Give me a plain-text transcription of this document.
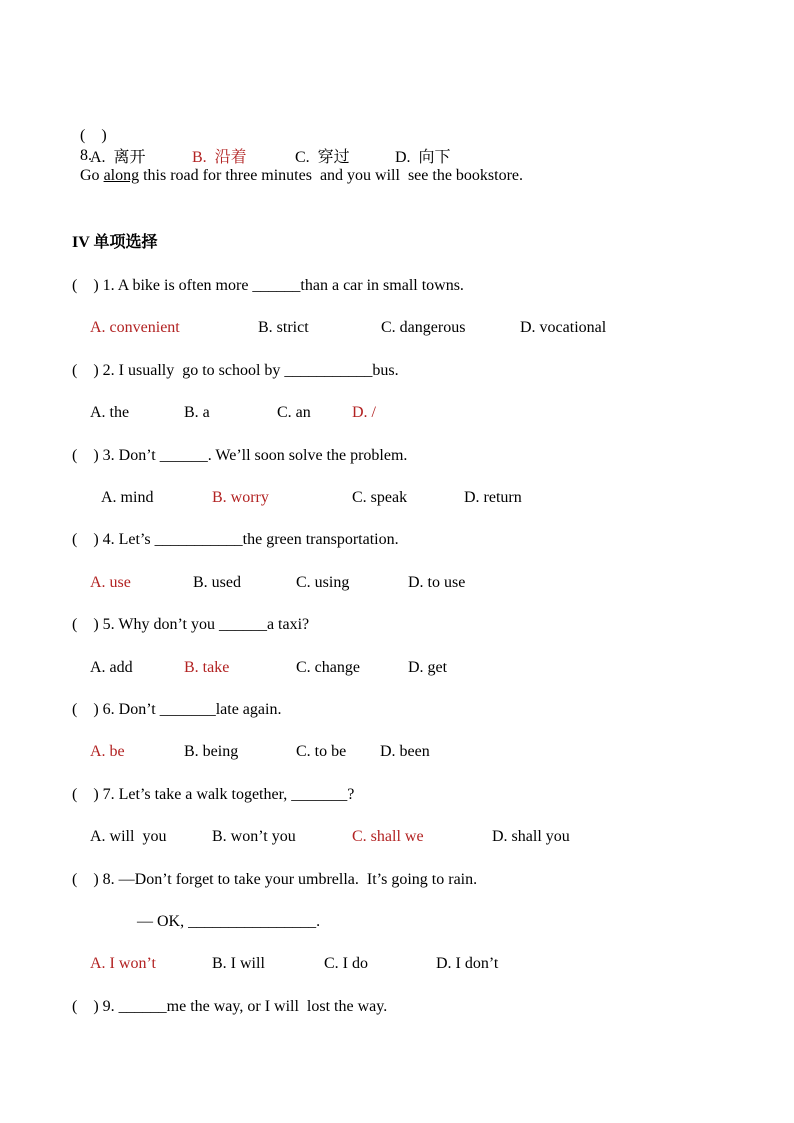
(    )
8.
Go along this road for three minutes  and you will  see the bookstore.

A.  离开	B.  沿着	C.  穿过	D.  向下
IV 单项选择
(    ) 1. A bike is often more ______than a car in small towns.
A. convenient	B. strict	C. dangerous	D. vocational
(    ) 2. I usually  go to school by ___________bus.
A. the	B. a	C. an	D. /
(    ) 3. Don’t ______. We’ll soon solve the problem.
A. mind	B. worry	C. speak	D. return
(    ) 4. Let’s ___________the green transportation.
A. use	B. used	C. using	D. to use
(    ) 5. Why don’t you ______a taxi?
A. add	B. take	C. change	D. get
(    ) 6. Don’t _______late again.
A. be	B. being	C. to be D. been
(    ) 7. Let’s take a walk together, _______?
A. will  you	B. won’t you	C. shall we	D. shall you
(    ) 8. —Don’t forget to take your umbrella.  It’s going to rain.
— OK, ________________.
A. I won’t	B. I will	C. I do	D. I don’t
(    ) 9. ______me the way, or I will  lost the way.
